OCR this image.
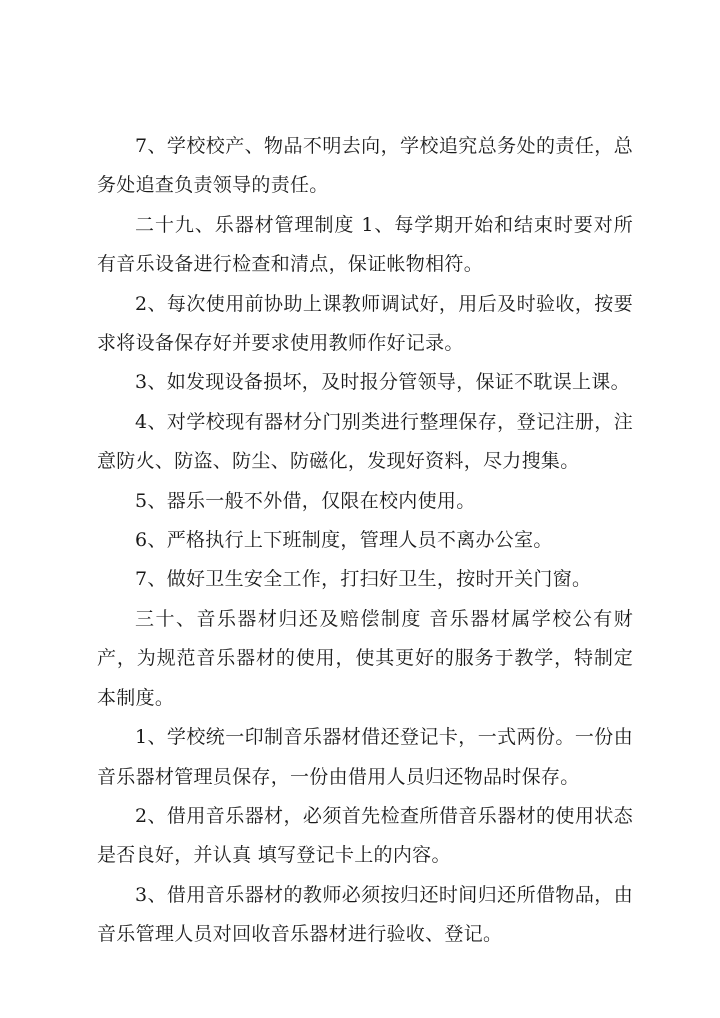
7、学校校产、物品不明去向，学校追究总务处的责任，总务处追查负责领导的责任。

二十九、乐器材管理制度 1、每学期开始和结束时要对所有音乐设备进行检查和清点，保证帐物相符。

2、每次使用前协助上课教师调试好，用后及时验收，按要求将设备保存好并要求使用教师作好记录。

3、如发现设备损坏，及时报分管领导，保证不耽误上课。

4、对学校现有器材分门别类进行整理保存，登记注册，注意防火、防盗、防尘、防磁化，发现好资料，尽力搜集。

5、器乐一般不外借，仅限在校内使用。

6、严格执行上下班制度，管理人员不离办公室。

7、做好卫生安全工作，打扫好卫生，按时开关门窗。

三十、音乐器材归还及赔偿制度 音乐器材属学校公有财产，为规范音乐器材的使用，使其更好的服务于教学，特制定本制度。

1、学校统一印制音乐器材借还登记卡，一式两份。一份由音乐器材管理员保存，一份由借用人员归还物品时保存。

2、借用音乐器材，必须首先检查所借音乐器材的使用状态是否良好，并认真 填写登记卡上的内容。

3、借用音乐器材的教师必须按归还时间归还所借物品，由音乐管理人员对回收音乐器材进行验收、登记。
